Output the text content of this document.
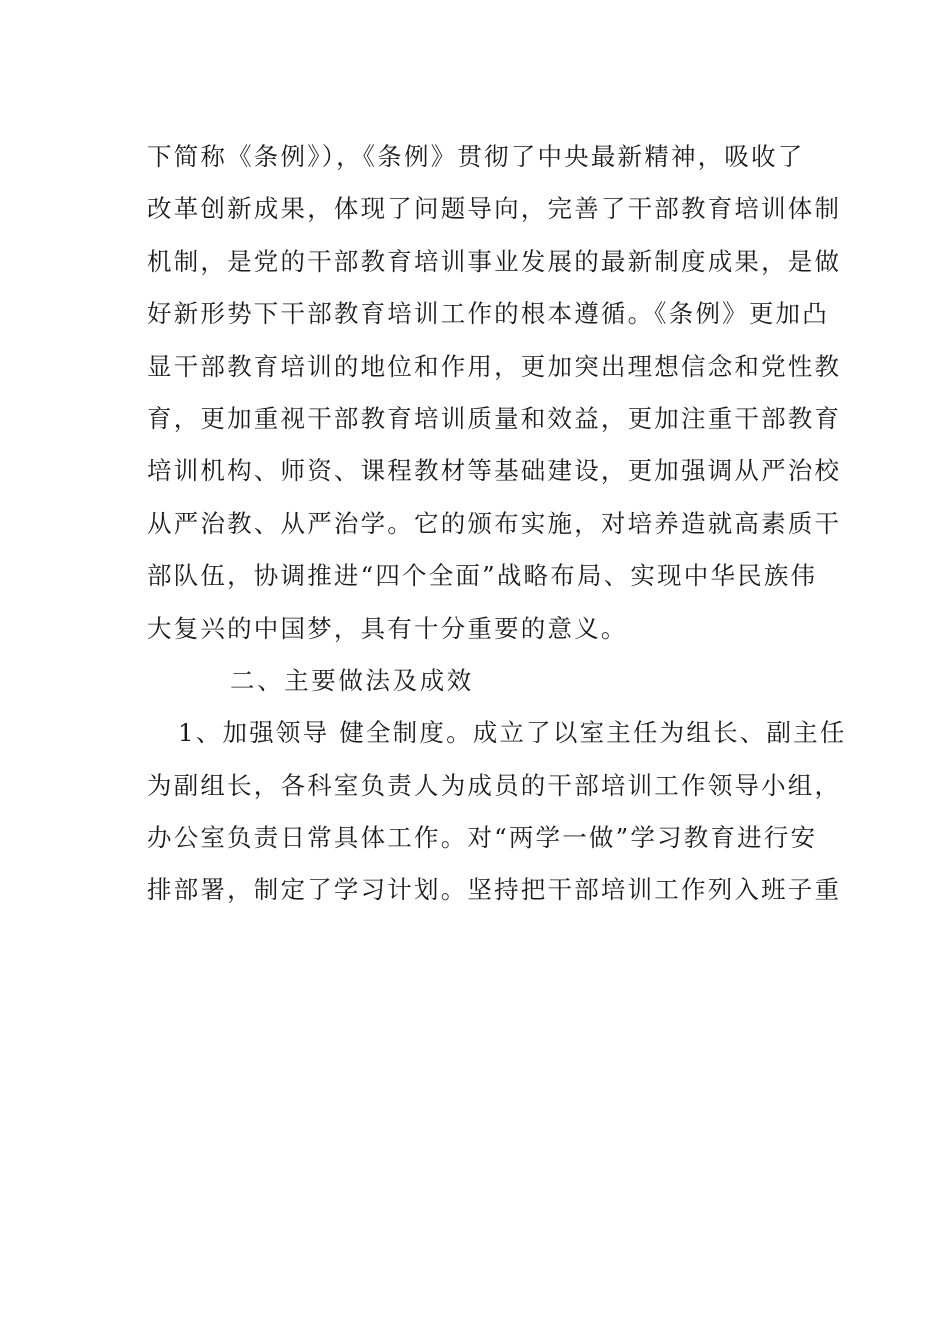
下简称《条例》），《条例》贯彻了中央最新精神，吸收了
改革创新成果，体现了问题导向，完善了干部教育培训体制
机制，是党的干部教育培训事业发展的最新制度成果，是做
好新形势下干部教育培训工作的根本遵循。《条例》更加凸
显干部教育培训的地位和作用，更加突出理想信念和党性教
育，更加重视干部教育培训质量和效益，更加注重干部教育
培训机构、师资、课程教材等基础建设，更加强调从严治校
从严治教、从严治学。它的颁布实施，对培养造就高素质干
部队伍，协调推进“四个全面”战略布局、实现中华民族伟
大复兴的中国梦，具有十分重要的意义。
二、主要做法及成效
1、加强领导 健全制度。成立了以室主任为组长、副主任
为副组长，各科室负责人为成员的干部培训工作领导小组，
办公室负责日常具体工作。对“两学一做”学习教育进行安
排部署，制定了学习计划。坚持把干部培训工作列入班子重
